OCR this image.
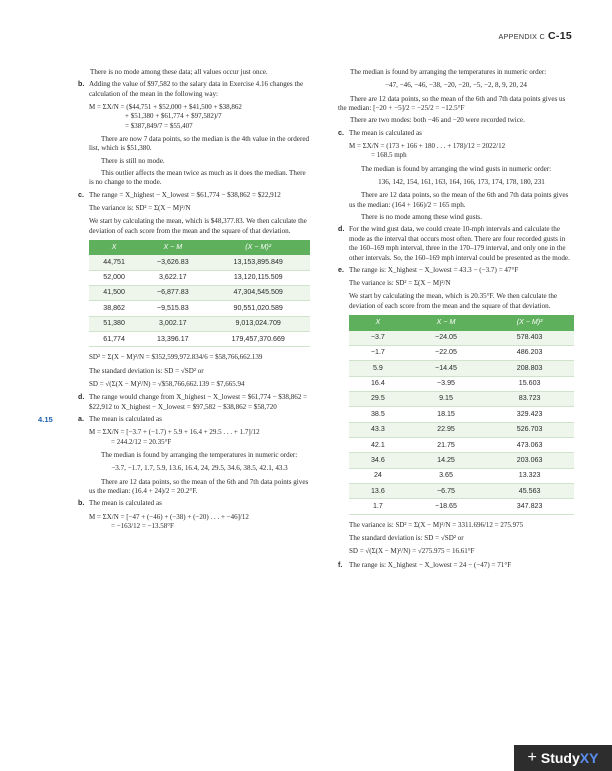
APPENDIX C C-15

There is no mode among these data; all values occur just once.

b. Adding the value of $97,582 to the salary data in Exercise 4.16 changes the calculation of the mean in the following way:

M = ΣX/N = ($44,751 + $52,000 + $41,500 + $38,862
+ $51,380 + $61,774 + $97,582)/7
= $387,849/7 = $55,407

There are now 7 data points, so the median is the 4th value in the ordered list, which is $51,380.

There is still no mode.

This outlier affects the mean twice as much as it does the median. There is no change to the mode.

c. The range = X_highest − X_lowest = $61,774 − $38,862 = $22,912

The variance is: SD² = Σ(X − M)²/N

We start by calculating the mean, which is $48,377.83. We then calculate the deviation of each score from the mean and the square of that deviation.

X	X − M	(X − M)²
44,751	−3,626.83	13,153,895.849
52,000	3,622.17	13,120,115.509
41,500	−6,877.83	47,304,545.509
38,862	−9,515.83	90,551,020.589
51,380	3,002.17	9,013,024.709
61,774	13,396.17	179,457,370.669

SD² = Σ(X − M)²/N = $352,599,972.834/6 = $58,766,662.139

The standard deviation is: SD = √SD² or

SD = √(Σ(X − M)²/N) = √$58,766,662.139 = $7,665.94

d. The range would change from X_highest − X_lowest = $61,774 − $38,862 = $22,912 to X_highest − X_lowest = $97,582 − $38,862 = $58,720

4.15	a. The mean is calculated as

M = ΣX/N = [−3.7 + (−1.7) + 5.9 + 16.4 + 29.5 . . . + 1.7]/12
= 244.2/12 = 20.35°F

The median is found by arranging the temperatures in numeric order:

−3.7, −1.7, 1.7, 5.9, 13.6, 16.4, 24, 29.5, 34.6, 38.5, 42.1, 43.3

There are 12 data points, so the mean of the 6th and 7th data points gives us the median: (16.4 + 24)/2 = 20.2°F.

b. The mean is calculated as

M = ΣX/N = [−47 + (−46) + (−38) + (−20) . . . + −46]/12
= −163/12 = −13.58°F

The median is found by arranging the temperatures in numeric order:

−47, −46, −46, −38, −20, −20, −5, −2, 8, 9, 20, 24

There are 12 data points, so the mean of the 6th and 7th data points gives us the median: [−20 + −5]/2 = −25/2 = −12.5°F

There are two modes: both −46 and −20 were recorded twice.

c. The mean is calculated as

M = ΣX/N = (173 + 166 + 180 . . . + 178)/12 = 2022/12
= 168.5 mph

The median is found by arranging the wind gusts in numeric order:

136, 142, 154, 161, 163, 164, 166, 173, 174, 178, 180, 231

There are 12 data points, so the mean of the 6th and 7th data points gives us the median: (164 + 166)/2 = 165 mph.

There is no mode among these wind gusts.

d. For the wind gust data, we could create 10-mph intervals and calculate the mode as the interval that occurs most often. There are four recorded gusts in the 160–169 mph interval, three in the 170–179 interval, and only one in the other intervals. So, the 160–169 mph interval could be presented as the mode.

e. The range is: X_highest − X_lowest = 43.3 − (−3.7) = 47°F

The variance is: SD² = Σ(X − M)²/N

We start by calculating the mean, which is 20.35°F. We then calculate the deviation of each score from the mean and the square of that deviation.

X	X − M	(X − M)²
−3.7	−24.05	578.403
−1.7	−22.05	486.203
5.9	−14.45	208.803
16.4	−3.95	15.603
29.5	9.15	83.723
38.5	18.15	329.423
43.3	22.95	526.703
42.1	21.75	473.063
34.6	14.25	203.063
24	3.65	13.323
13.6	−6.75	45.563
1.7	−18.65	347.823

The variance is: SD² = Σ(X − M)²/N = 3311.696/12 = 275.975

The standard deviation is: SD = √SD² or

SD = √(Σ(X − M)²/N) = √275.975 = 16.61°F

f. The range is: X_highest − X_lowest = 24 − (−47) = 71°F

+ Study XY
